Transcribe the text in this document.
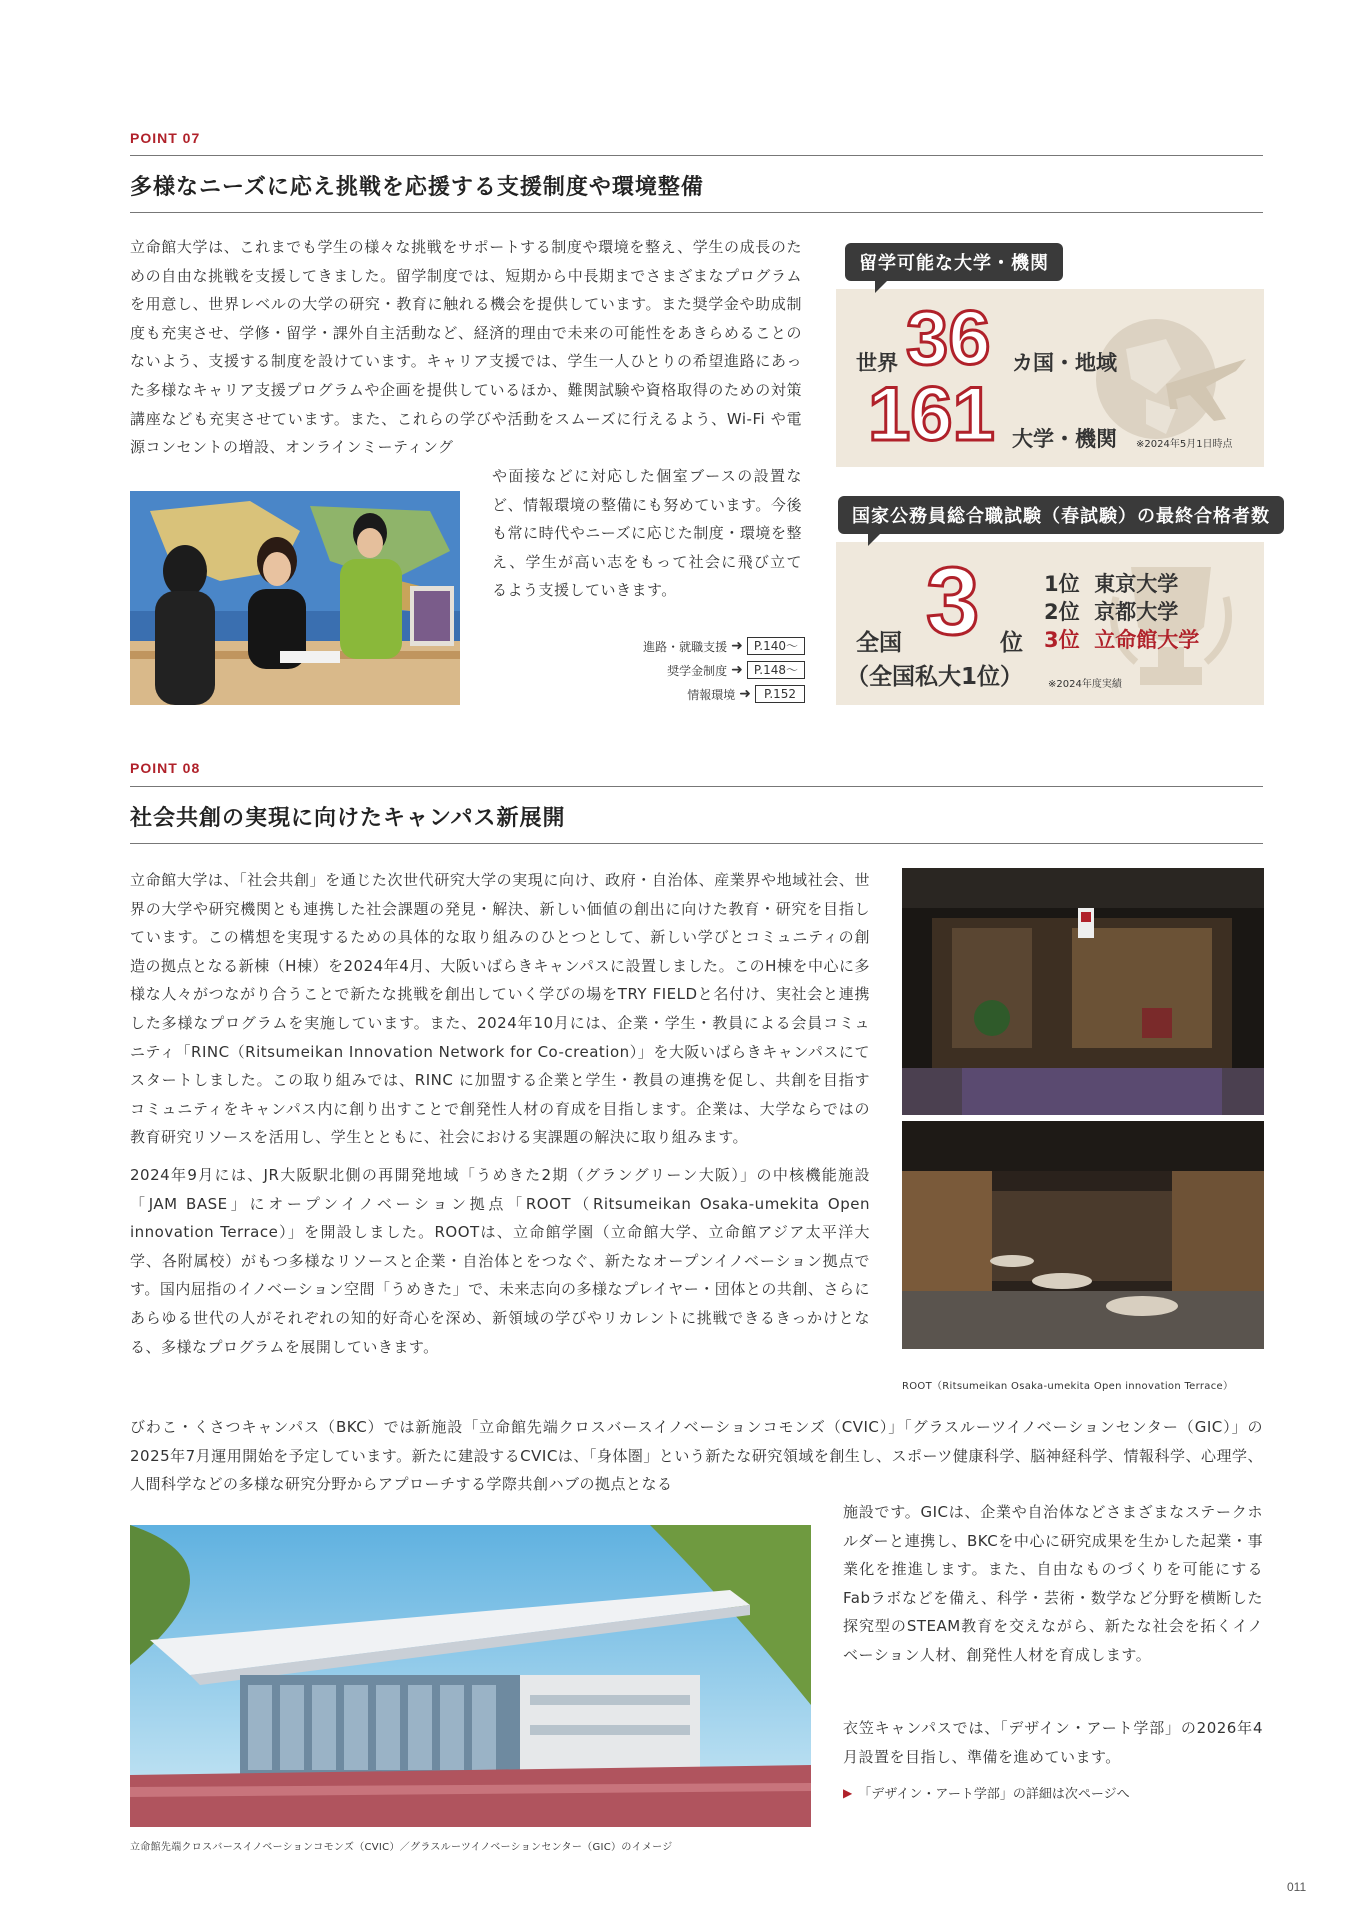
POINT 07
多様なニーズに応え挑戦を応援する支援制度や環境整備

立命館大学は、これまでも学生の様々な挑戦をサポートする制度や環境を整え、学生の成長のための自由な挑戦を支援してきました。留学制度では、短期から中長期までさまざまなプログラムを用意し、世界レベルの大学の研究・教育に触れる機会を提供しています。また奨学金や助成制度も充実させ、学修・留学・課外自主活動など、経済的理由で未来の可能性をあきらめることのないよう、支援する制度を設けています。キャリア支援では、学生一人ひとりの希望進路にあった多様なキャリア支援プログラムや企画を提供しているほか、難関試験や資格取得のための対策講座なども充実させています。また、これらの学びや活動をスムーズに行えるよう、Wi-Fi や電源コンセントの増設、オンラインミーティング

や面接などに対応した個室ブースの設置など、情報環境の整備にも努めています。今後も常に時代やニーズに応じた制度・環境を整え、学生が高い志をもって社会に飛び立てるよう支援していきます。

進路・就職支援 ➜ P.140〜
奨学金制度 ➜ P.148〜
情報環境 ➜	P.152
世界 36 カ国・地域
161 大学・機関 ※2024年5月1日時点
留学可能な大学・機関
全国 3 位
（全国私大1位）
1位 東京大学
2位 京都大学
3位 立命館大学
※2024年度実績
国家公務員総合職試験（春試験）の最終合格者数
POINT 08
社会共創の実現に向けたキャンパス新展開

立命館大学は、「社会共創」を通じた次世代研究大学の実現に向け、政府・自治体、産業界や地域社会、世界の大学や研究機関とも連携した社会課題の発見・解決、新しい価値の創出に向けた教育・研究を目指しています。この構想を実現するための具体的な取り組みのひとつとして、新しい学びとコミュニティの創造の拠点となる新棟（H棟）を2024年4月、大阪いばらきキャンパスに設置しました。このH棟を中心に多様な人々がつながり合うことで新たな挑戦を創出していく学びの場をTRY FIELDと名付け、実社会と連携した多様なプログラムを実施しています。また、2024年10月には、企業・学生・教員による会員コミュニティ「RINC（Ritsumeikan Innovation Network for Co-creation）」を大阪いばらきキャンパスにてスタートしました。この取り組みでは、RINC に加盟する企業と学生・教員の連携を促し、共創を目指すコミュニティをキャンパス内に創り出すことで創発性人材の育成を目指します。企業は、大学ならではの教育研究リソースを活用し、学生とともに、社会における実課題の解決に取り組みます。

2024年9月には、JR大阪駅北側の再開発地域「うめきた2期（グラングリーン大阪）」の中核機能施設「JAM BASE」にオープンイノベーション拠点「ROOT（Ritsumeikan Osaka-umekita Open innovation Terrace）」を開設しました。ROOTは、立命館学園（立命館大学、立命館アジア太平洋大学、各附属校）がもつ多様なリソースと企業・自治体とをつなぐ、新たなオープンイノベーション拠点です。国内屈指のイノベーション空間「うめきた」で、未来志向の多様なプレイヤー・団体との共創、さらにあらゆる世代の人がそれぞれの知的好奇心を深め、新領域の学びやリカレントに挑戦できるきっかけとなる、多様なプログラムを展開していきます。

ROOT（Ritsumeikan Osaka-umekita Open innovation Terrace）

びわこ・くさつキャンパス（BKC）では新施設「立命館先端クロスバースイノベーションコモンズ（CVIC）」「グラスルーツイノベーションセンター（GIC）」の2025年7月運用開始を予定しています。新たに建設するCVICは、「身体圏」という新たな研究領域を創生し、スポーツ健康科学、脳神経科学、情報科学、心理学、人間科学などの多様な研究分野からアプローチする学際共創ハブの拠点となる

施設です。GICは、企業や自治体などさまざまなステークホルダーと連携し、BKCを中心に研究成果を生かした起業・事業化を推進します。また、自由なものづくりを可能にするFabラボなどを備え、科学・芸術・数学など分野を横断した探究型のSTEAM教育を交えながら、新たな社会を拓くイノベーション人材、創発性人材を育成します。

衣笠キャンパスでは、「デザイン・アート学部」の2026年4月設置を目指し、準備を進めています。

▶ 「デザイン・アート学部」の詳細は次ページへ
立命館先端クロスバースイノベーションコモンズ（CVIC）／グラスルーツイノベーションセンター（GIC）のイメージ
011
